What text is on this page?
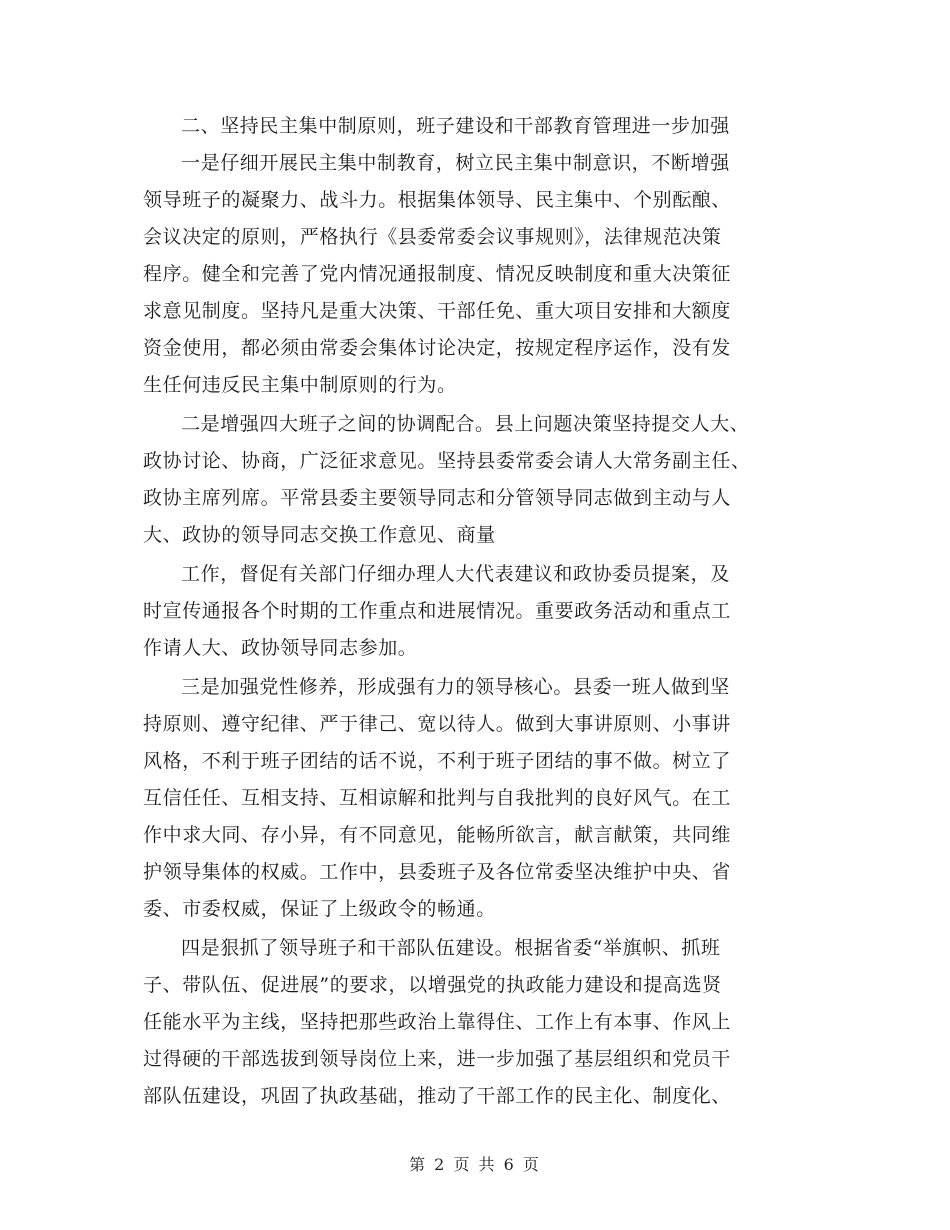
二、坚持民主集中制原则，班子建设和干部教育管理进一步加强

一是仔细开展民主集中制教育，树立民主集中制意识，不断增强
领导班子的凝聚力、战斗力。根据集体领导、民主集中、个别酝酿、
会议决定的原则，严格执行《县委常委会议事规则》，法律规范决策
程序。健全和完善了党内情况通报制度、情况反映制度和重大决策征
求意见制度。坚持凡是重大决策、干部任免、重大项目安排和大额度
资金使用，都必须由常委会集体讨论决定，按规定程序运作，没有发
生任何违反民主集中制原则的行为。

二是增强四大班子之间的协调配合。县上问题决策坚持提交人大、
政协讨论、协商，广泛征求意见。坚持县委常委会请人大常务副主任、
政协主席列席。平常县委主要领导同志和分管领导同志做到主动与人
大、政协的领导同志交换工作意见、商量

工作，督促有关部门仔细办理人大代表建议和政协委员提案，及
时宣传通报各个时期的工作重点和进展情况。重要政务活动和重点工
作请人大、政协领导同志参加。

三是加强党性修养，形成强有力的领导核心。县委一班人做到坚
持原则、遵守纪律、严于律己、宽以待人。做到大事讲原则、小事讲
风格，不利于班子团结的话不说，不利于班子团结的事不做。树立了
互信任任、互相支持、互相谅解和批判与自我批判的良好风气。在工
作中求大同、存小异，有不同意见，能畅所欲言，献言献策，共同维
护领导集体的权威。工作中，县委班子及各位常委坚决维护中央、省
委、市委权威，保证了上级政令的畅通。

四是狠抓了领导班子和干部队伍建设。根据省委“举旗帜、抓班
子、带队伍、促进展”的要求，以增强党的执政能力建设和提高选贤
任能水平为主线，坚持把那些政治上靠得住、工作上有本事、作风上
过得硬的干部选拔到领导岗位上来，进一步加强了基层组织和党员干
部队伍建设，巩固了执政基础，推动了干部工作的民主化、制度化、

第 2 页 共 6 页
